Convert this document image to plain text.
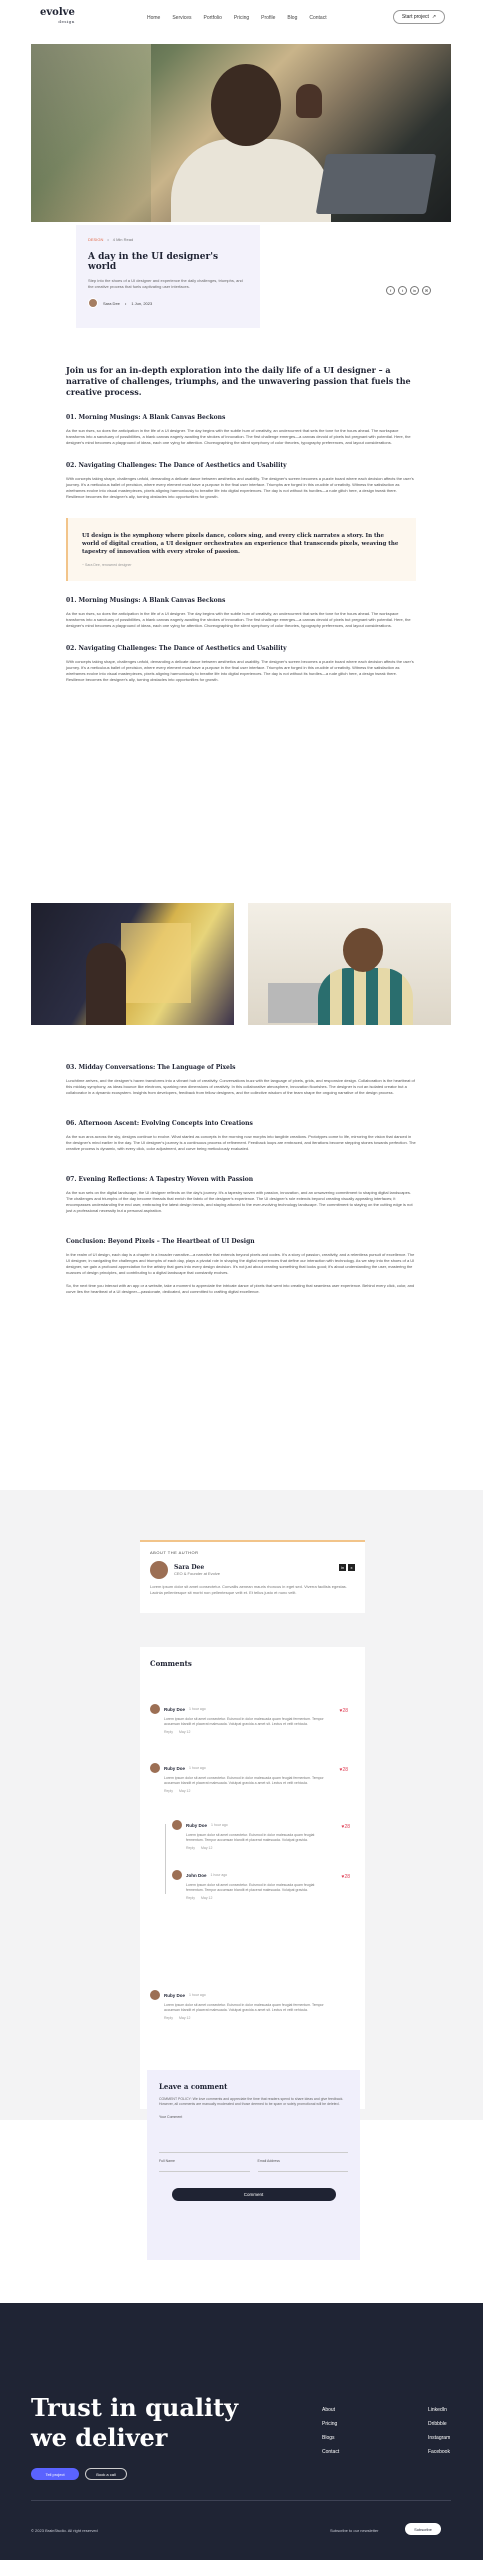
evolve
design
Home Services Portfolio Pricing Profile Blog Contact	Start project ↗
DESIGN • 4 Min Read
A day in the UI designer's world

Step into the shoes of a UI designer and experience the daily challenges, triumphs, and the creative process that fuels captivating user interfaces.

Sara Dee • 1 Jun, 2023
f	t	in	✉
Join us for an in-depth exploration into the daily life of a UI designer – a narrative of challenges, triumphs, and the unwavering passion that fuels the creative process.
01. Morning Musings: A Blank Canvas Beckons

As the sun rises, so does the anticipation in the life of a UI designer. The day begins with the subtle hum of creativity, an undercurrent that sets the tone for the hours ahead. The workspace transforms into a sanctuary of possibilities, a blank canvas eagerly awaiting the strokes of innovation. The first challenge emerges—a canvas devoid of pixels but pregnant with potential. Here, the designer's mind becomes a playground of ideas, each one vying for attention. Choreographing the silent symphony of color theories, typography preferences, and layout considerations.

02. Navigating Challenges: The Dance of Aesthetics and Usability

With concepts taking shape, challenges unfold, demanding a delicate dance between aesthetics and usability. The designer's screen becomes a puzzle board where each decision affects the user's journey. It's a meticulous ballet of precision, where every element must have a purpose in the final user interface. Triumphs are forged in this crucible of creativity. Witness the satisfaction as wireframes evolve into visual masterpieces, pixels aligning harmoniously to breathe life into digital experiences. The day is not without its hurdles—a rude glitch here, a design tweak there. Resilience becomes the designer's ally, turning obstacles into opportunities for growth.

UI design is the symphony where pixels dance, colors sing, and every click narrates a story. In the world of digital creation, a UI designer orchestrates an experience that transcends pixels, weaving the tapestry of innovation with every stroke of passion.
~ Sara Dee, renowned designer
01. Morning Musings: A Blank Canvas Beckons

As the sun rises, so does the anticipation in the life of a UI designer. The day begins with the subtle hum of creativity, an undercurrent that sets the tone for the hours ahead. The workspace transforms into a sanctuary of possibilities, a blank canvas eagerly awaiting the strokes of innovation. The first challenge emerges—a canvas devoid of pixels but pregnant with potential. Here, the designer's mind becomes a playground of ideas, each one vying for attention. Choreographing the silent symphony of color theories, typography preferences, and layout considerations.

02. Navigating Challenges: The Dance of Aesthetics and Usability

With concepts taking shape, challenges unfold, demanding a delicate dance between aesthetics and usability. The designer's screen becomes a puzzle board where each decision affects the user's journey. It's a meticulous ballet of precision, where every element must have a purpose in the final user interface. Triumphs are forged in this crucible of creativity. Witness the satisfaction as wireframes evolve into visual masterpieces, pixels aligning harmoniously to breathe life into digital experiences. The day is not without its hurdles—a rude glitch here, a design tweak there. Resilience becomes the designer's ally, turning obstacles into opportunities for growth.

03. Midday Conversations: The Language of Pixels

Lunchtime arrives, and the designer's haven transforms into a vibrant hub of creativity. Conversations buzz with the language of pixels, grids, and responsive design. Collaboration is the heartbeat of this midday symphony, as ideas bounce like electrons, sparking new dimensions of creativity. In this collaborative atmosphere, innovation flourishes. The designer is not an isolated creator but a collaborator in a dynamic ecosystem. Insights from developers, feedback from fellow designers, and the collective wisdom of the team shape the ongoing narrative of the design process.

06. Afternoon Ascent: Evolving Concepts into Creations

As the sun arcs across the sky, designs continue to evolve. What started as concepts in the morning now morphs into tangible creations. Prototypes come to life, mirroring the vision that danced in the designer's mind earlier in the day. The UI designer's journey is a continuous process of refinement. Feedback loops are embraced, and iterations become stepping stones towards perfection. The creative process is dynamic, with every click, color adjustment, and curve being meticulously evaluated.

07. Evening Reflections: A Tapestry Woven with Passion

As the sun sets on the digital landscape, the UI designer reflects on the day's journey. It's a tapestry woven with passion, innovation, and an unwavering commitment to shaping digital landscapes. The challenges and triumphs of the day become threads that enrich the fabric of the designer's experience. The UI designer's role extends beyond creating visually appealing interfaces; it encompasses understanding the end user, embracing the latest design trends, and staying attuned to the ever-evolving technology landscape. The commitment to staying on the cutting edge is not just a professional necessity but a personal aspiration.

Conclusion: Beyond Pixels – The Heartbeat of UI Design

In the realm of UI design, each day is a chapter in a broader narrative—a narrative that extends beyond pixels and codes. It's a story of passion, creativity, and a relentless pursuit of excellence. The UI designer, in navigating the challenges and triumphs of each day, plays a pivotal role in shaping the digital experiences that define our interaction with technology. As we step into the shoes of a UI designer, we gain a profound appreciation for the artistry that goes into every design decision. It's not just about creating something that looks good; it's about understanding the user, mastering the nuances of design principles, and contributing to a digital landscape that constantly evolves.

So, the next time you interact with an app or a website, take a moment to appreciate the intricate dance of pixels that went into creating that seamless user experience. Behind every click, color, and curve lies the heartbeat of a UI designer—passionate, dedicated, and committed to crafting digital excellence.

ABOUT THE AUTHOR
Sara Dee
CEO & Founder at Evolve
Lorem ipsum dolor sit amet consectetur. Convallis aenean mauris rhoncus in eget sed. Viverra facilisis egestas. Lacinia pellentesque sit morbi non pellentesque velit et. Et tellus justo et nunc velit.
in	x
Comments
Ruby Doe 1 hour ago
Lorem ipsum dolor sit amet consectetur. Euismod in dolor malesuada quam feugiat fermentum. Tempor accumsan blandit et placerat malesuada. Volutpat gravida a amet sit. Lectus et velit vehicula.
Reply May 12
♥28
Ruby Doe 1 hour ago
Lorem ipsum dolor sit amet consectetur. Euismod in dolor malesuada quam feugiat fermentum. Tempor accumsan blandit et placerat malesuada. Volutpat gravida a amet sit. Lectus et velit vehicula.
Reply May 12
♥28
Ruby Doe 1 hour ago
Lorem ipsum dolor sit amet consectetur. Euismod in dolor malesuada quam feugiat fermentum. Tempor accumsan blandit et placerat malesuada. Volutpat gravida.
Reply May 12
♥28
John Doe 1 hour ago
Lorem ipsum dolor sit amet consectetur. Euismod in dolor malesuada quam feugiat fermentum. Tempor accumsan blandit et placerat malesuada. Volutpat gravida.
Reply May 12
♥28
Ruby Doe 1 hour ago
Lorem ipsum dolor sit amet consectetur. Euismod in dolor malesuada quam feugiat fermentum. Tempor accumsan blandit et placerat malesuada. Volutpat gravida a amet sit. Lectus et velit vehicula.
Reply May 12
Leave a comment
COMMENT POLICY: We love comments and appreciate the time that readers spend to share ideas and give feedback. However, all comments are manually moderated and those deemed to be spam or solely promotional will be deleted.
Your Comment
Full Name	Email Address
Comment
Trust in quality
we deliver
Tell project	Book a call
About
Pricing
Blogs
Contact
LinkedIn
Dribbble
Instagram
Facebook
© 2023 BrainStudio. All right reserved	Subscribe to our newsletter	Subscribe
